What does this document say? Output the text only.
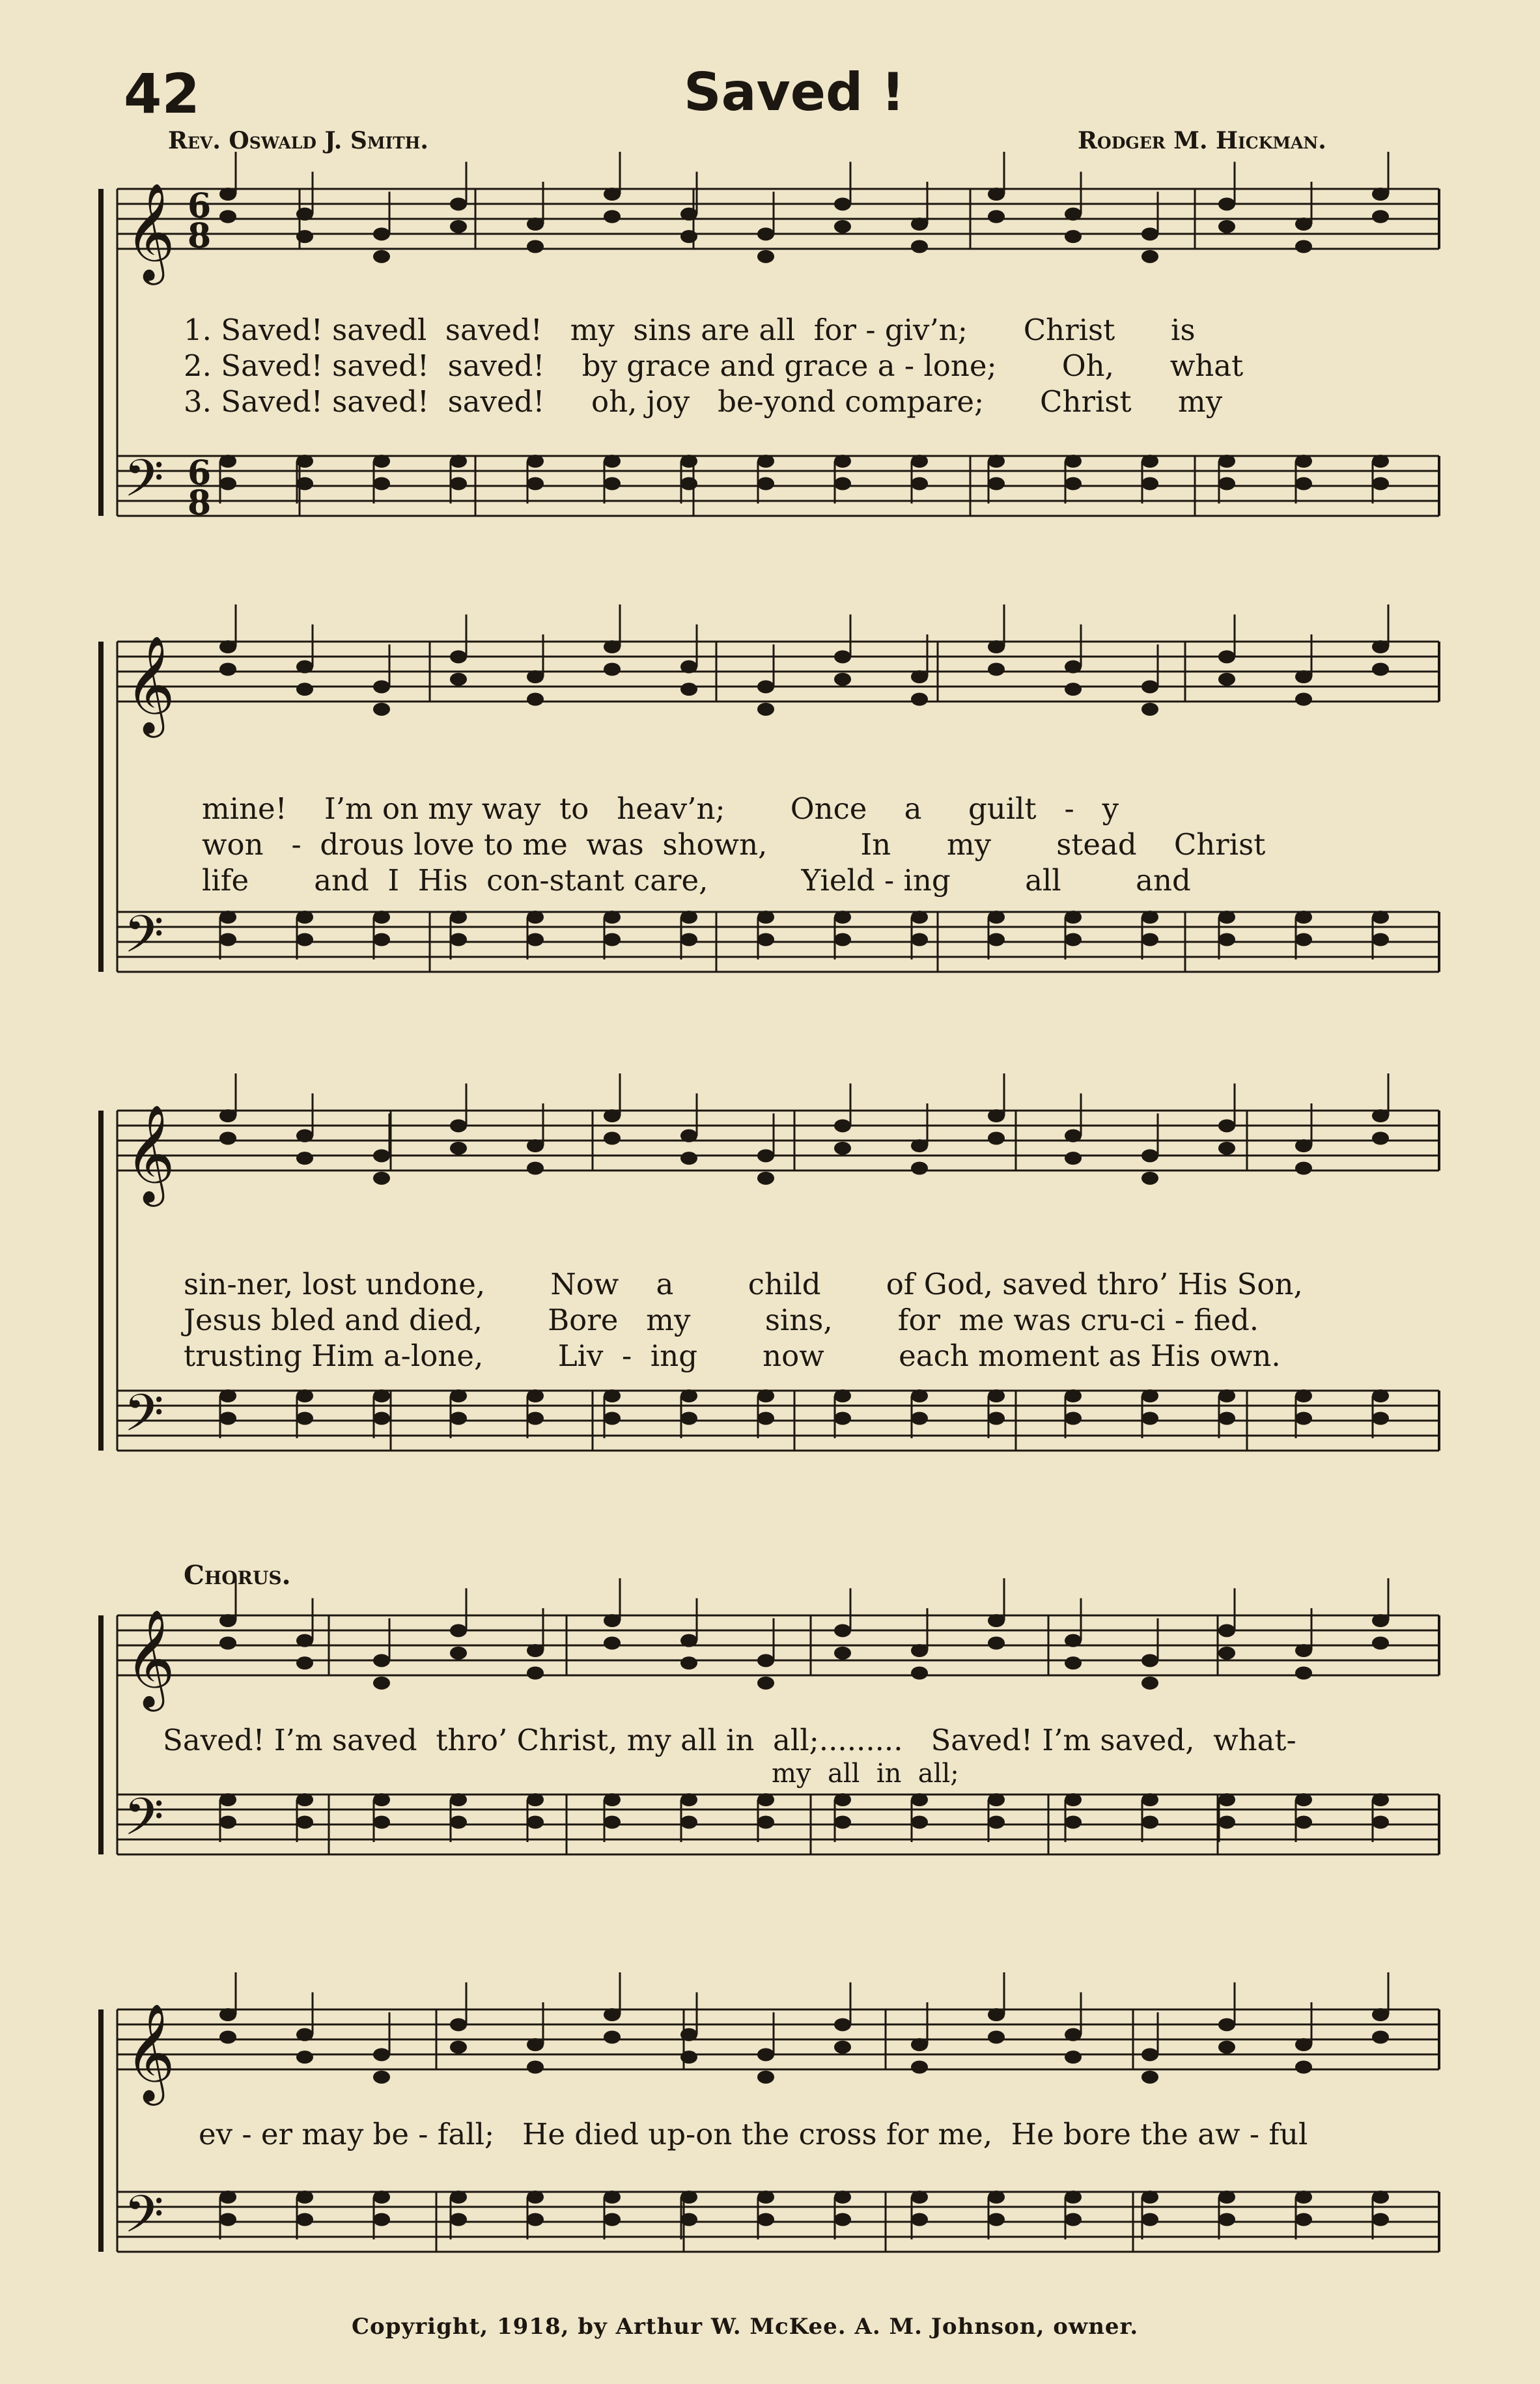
42	Saved !
Rev. Oswald J. Smith.	Rodger M. Hickman.
𝄞 6
8
𝄢 6
8
𝄞
𝄢
𝄞
𝄢
𝄞
𝄢
𝄞
𝄢
1. Saved! savedl  saved!   my  sins are all  for - giv’n;      Christ      is
2. Saved! saved!  saved!    by grace and grace a - lone;       Oh,      what
3. Saved! saved!  saved!     oh, joy   be-yond compare;      Christ     my
mine!    I’m on my way  to   heav’n;       Once    a     guilt   -   y
won   -  drous love to me  was  shown,          In      my       stead    Christ
life       and  I  His  con-stant care,          Yield - ing        all        and
sin-ner, lost undone,       Now    a        child       of God, saved thro’ His Son,
Jesus bled and died,       Bore   my        sins,       for  me was cru-ci - fied.
trusting Him a-lone,        Liv  -  ing       now        each moment as His own.
Chorus.
Saved! I’m saved  thro’ Christ, my all in  all;.........   Saved! I’m saved,  what-
my  all  in  all;
ev - er may be - fall;   He died up-on the cross for me,  He bore the aw - ful
Copyright, 1918, by Arthur W. McKee. A. M. Johnson, owner.
